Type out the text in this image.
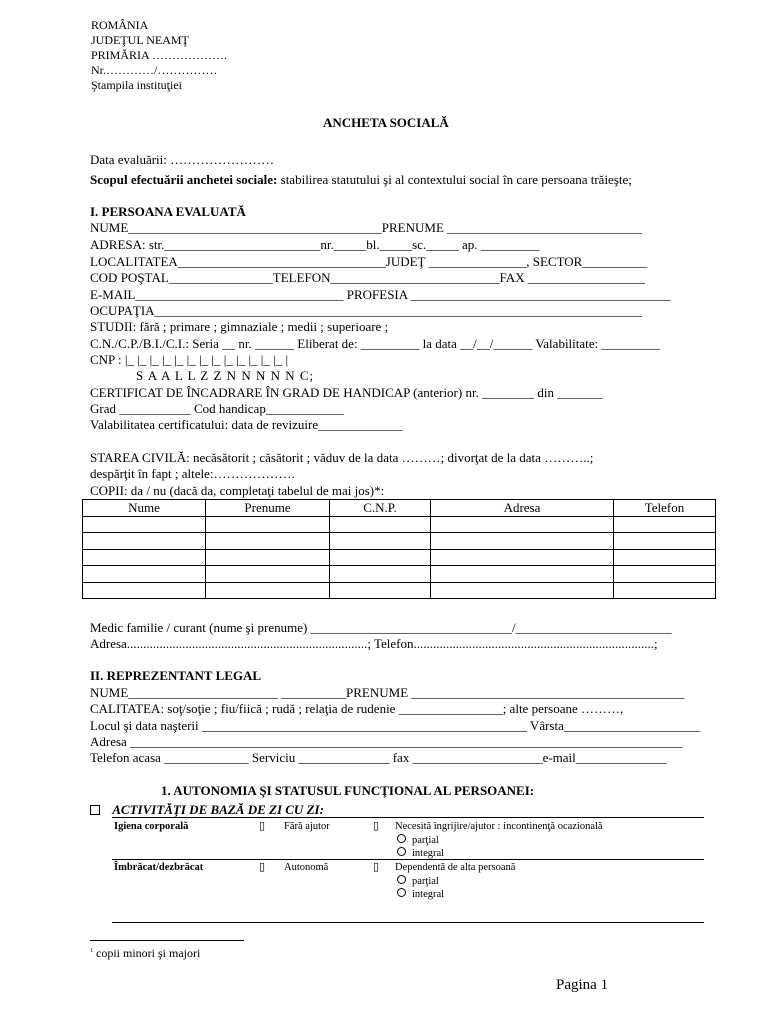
ROMÂNIA
JUDEŢUL NEAMŢ
PRIMĂRIA ……………….
Nr.…………/……………
Ştampila instituţiei
ANCHETA SOCIALĂ
Data evaluării: ……………………
Scopul efectuării anchetei sociale: stabilirea statutului şi al contextului social în care persoana trăieşte;
I. PERSOANA EVALUATĂ
NUME_______________________________________PRENUME ______________________________
ADRESA: str.________________________nr._____bl._____sc._____ ap. _________
LOCALITATEA________________________________JUDEŢ _______________, SECTOR__________
COD POŞTAL________________TELEFON__________________________FAX __________________
E-MAIL________________________________ PROFESIA ________________________________________
OCUPAŢIA___________________________________________________________________________
STUDII: fără ; primare ; gimnaziale ; medii ; superioare ;
C.N./C.P./B.I./C.I.: Seria __ nr. ______ Eliberat de: _________ la data __/__/______ Valabilitate: _________
CNP : |_ |_ |_ |_ |_ |_ |_ |_ |_ |_ |_ |_ |_ |
S A A L L Z Z N N N N N C;
CERTIFICAT DE ÎNCADRARE ÎN GRAD DE HANDICAP (anterior) nr. ________ din _______
Grad ___________ Cod handicap____________
Valabilitatea certificatului: data de revizuire_____________
STAREA CIVILĂ: necăsătorit ; căsătorit ; văduv de la data ………; divorţat de la data ………..;
despărţit în fapt ; altele:……………….
COPII: da / nu (dacă da, completaţi tabelul de mai jos)*:
Nume	Prenume	C.N.P.	Adresa	Telefon

Medic familie / curant (nume şi prenume) _______________________________/________________________
Adresa..........................................................................; Telefon..........................................................................;
II. REPREZENTANT LEGAL
NUME_______________________ __________PRENUME __________________________________________
CALITATEA: soţ/soţie ; fiu/fiică ; rudă ; relaţia de rudenie ________________; alte persoane ………,
Locul şi data naşterii __________________________________________________ Vârsta_____________________
Adresa _____________________________________________________________________________________
Telefon acasa _____________ Serviciu ______________ fax ____________________e-mail______________
1. AUTONOMIA ŞI STATUSUL FUNCŢIONAL AL PERSOANEI:
ACTIVITĂŢI DE BAZĂ DE ZI CU ZI:
Igiena corporală	▯ Fără ajutor	▯ Necesită îngrijire/ajutor : incontinenţă ocazională
parţial
integral
Îmbrăcat/dezbrăcat	▯ Autonomă	▯ Dependentă de alta persoană
parţial
integral
$^1$ copii minori şi majori
Pagina 1
